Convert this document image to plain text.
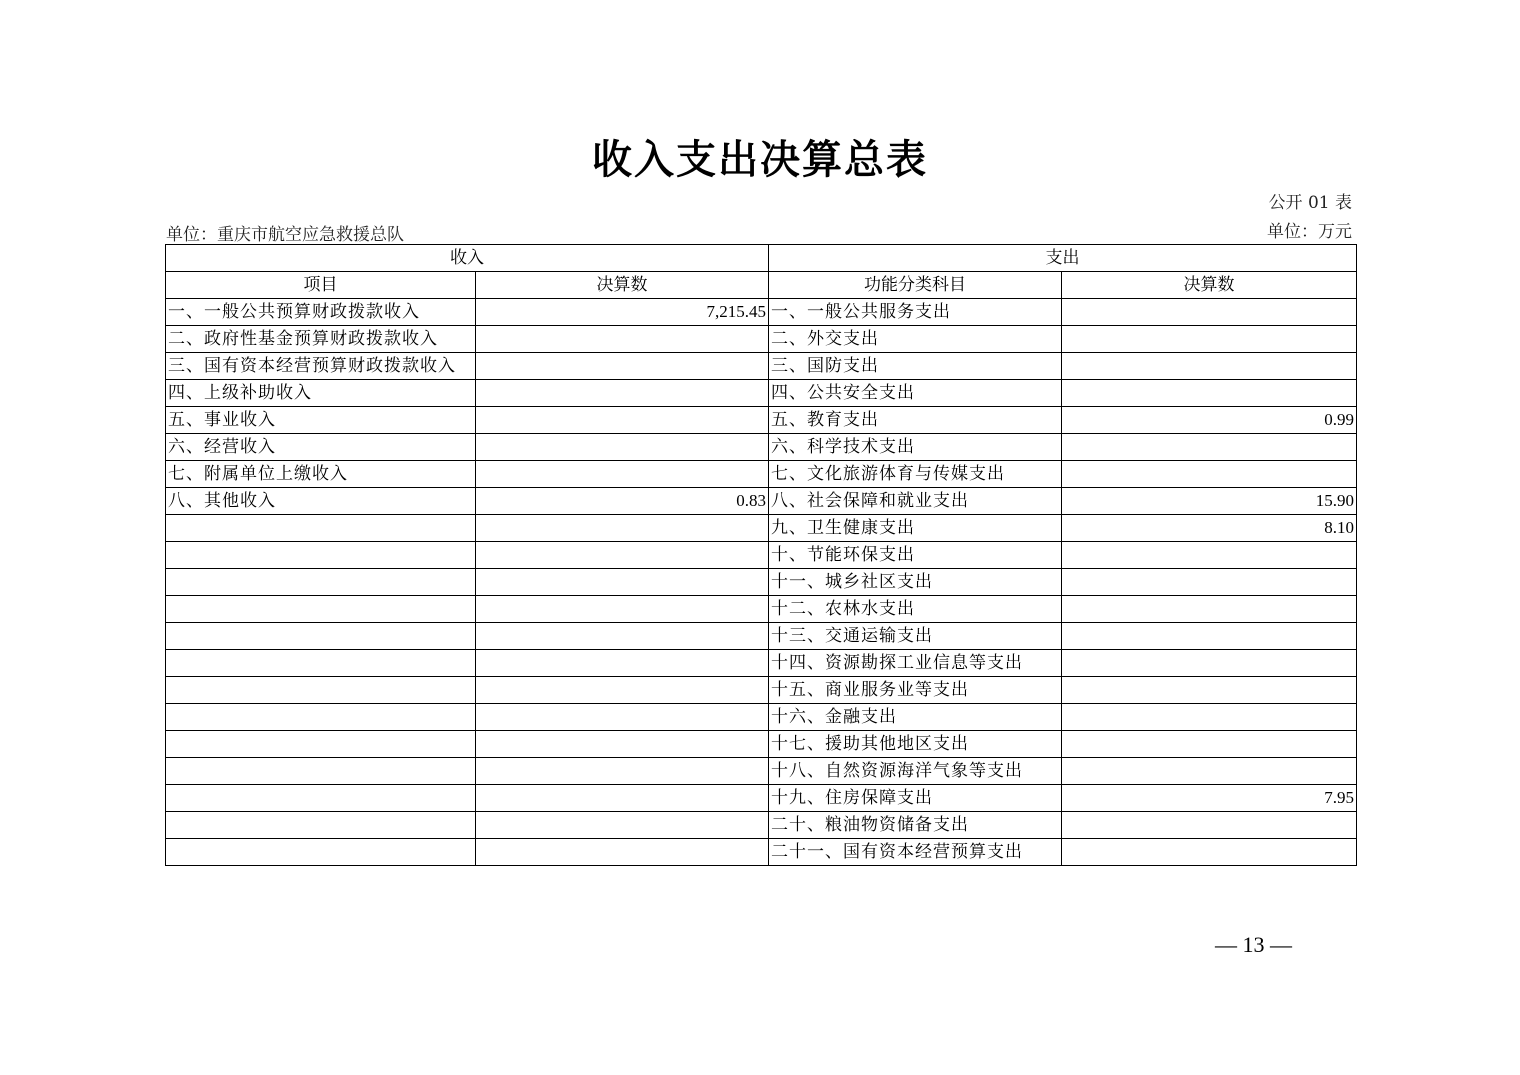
收入支出决算总表
公开 01 表
单位：重庆市航空应急救援总队	单位：万元
收入		支出	
项目	决算数	功能分类科目	决算数
一、一般公共预算财政拨款收入	7,215.45	一、一般公共服务支出	
二、政府性基金预算财政拨款收入		二、外交支出	
三、国有资本经营预算财政拨款收入		三、国防支出	
四、上级补助收入		四、公共安全支出	
五、事业收入		五、教育支出	0.99
六、经营收入		六、科学技术支出	
七、附属单位上缴收入		七、文化旅游体育与传媒支出	
八、其他收入	0.83	八、社会保障和就业支出	15.90
		九、卫生健康支出	8.10
		十、节能环保支出	
		十一、城乡社区支出	
		十二、农林水支出	
		十三、交通运输支出	
		十四、资源勘探工业信息等支出	
		十五、商业服务业等支出	
		十六、金融支出	
		十七、援助其他地区支出	
		十八、自然资源海洋气象等支出	
		十九、住房保障支出	7.95
		二十、粮油物资储备支出	
		二十一、国有资本经营预算支出	
— 13 —
